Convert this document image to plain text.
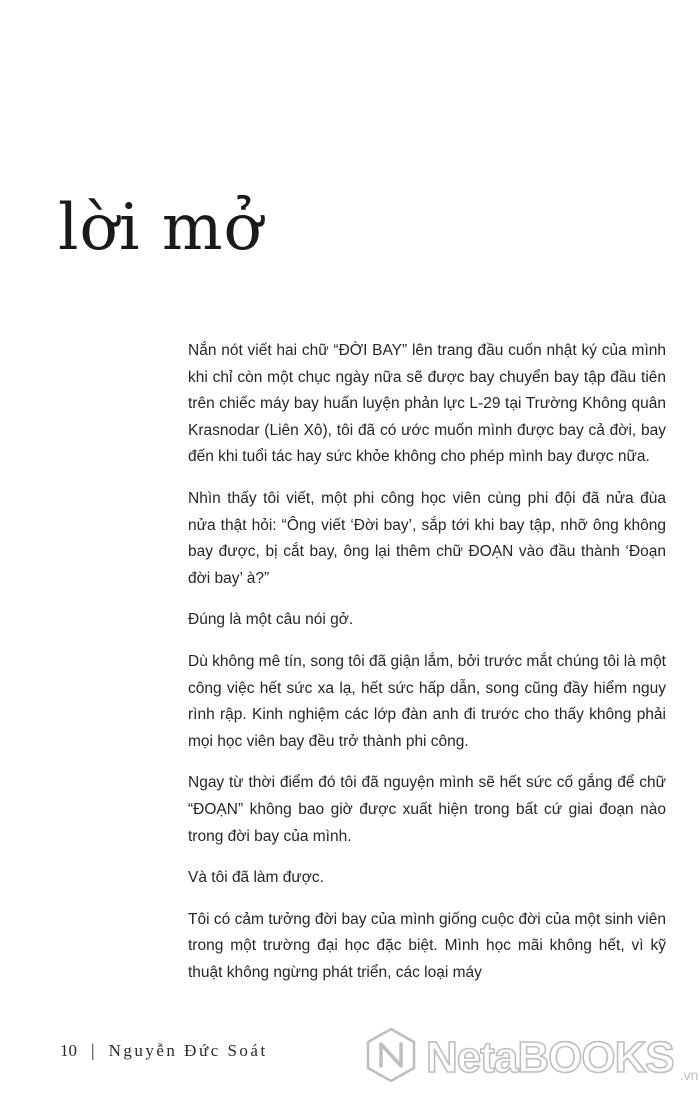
lời mở

Nắn nót viết hai chữ “ĐỜI BAY” lên trang đầu cuốn nhật ký của mình khi chỉ còn một chục ngày nữa sẽ được bay chuyển bay tập đầu tiên trên chiếc máy bay huấn luyện phản lực L-29 tại Trường Không quân Krasnodar (Liên Xô), tôi đã có ước muốn mình được bay cả đời, bay đến khi tuổi tác hay sức khỏe không cho phép mình bay được nữa.

Nhìn thấy tôi viết, một phi công học viên cùng phi đội đã nửa đùa nửa thật hỏi: “Ông viết ‘Đời bay’, sắp tới khi bay tập, nhỡ ông không bay được, bị cắt bay, ông lại thêm chữ ĐOẠN vào đầu thành ‘Đoạn đời bay’ à?”

Đúng là một câu nói gở.

Dù không mê tín, song tôi đã giận lắm, bởi trước mắt chúng tôi là một công việc hết sức xa lạ, hết sức hấp dẫn, song cũng đầy hiểm nguy rình rập. Kinh nghiệm các lớp đàn anh đi trước cho thấy không phải mọi học viên bay đều trở thành phi công.

Ngay từ thời điểm đó tôi đã nguyện mình sẽ hết sức cố gắng để chữ “ĐOẠN” không bao giờ được xuất hiện trong bất cứ giai đoạn nào trong đời bay của mình.

Và tôi đã làm được.

Tôi có cảm tưởng đời bay của mình giống cuộc đời của một sinh viên trong một trường đại học đặc biệt. Mình học mãi không hết, vì kỹ thuật không ngừng phát triển, các loại máy

10 | Nguyễn Đức Soát	NetaBOOKS .vn
